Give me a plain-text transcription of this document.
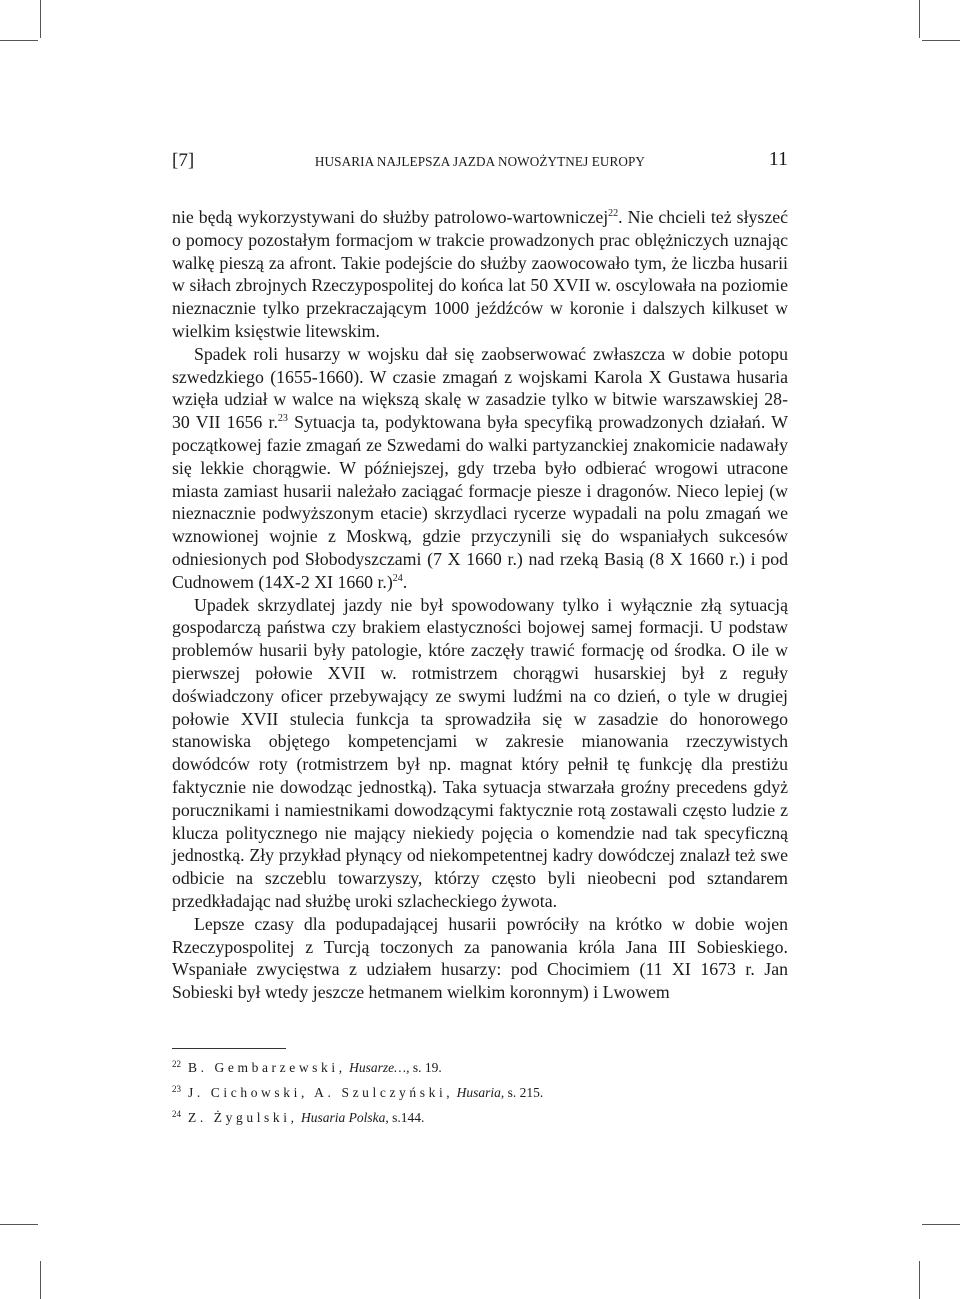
[7]	HUSARIA NAJLEPSZA JAZDA NOWOŻYTNEJ EUROPY	11

nie będą wykorzystywani do służby patrolowo-wartowniczej$^{22}$. Nie chcieli też słyszeć o pomocy pozostałym formacjom w trakcie prowadzonych prac oblężniczych uznając walkę pieszą za afront. Takie podejście do służby zaowocowało tym, że liczba husarii w siłach zbrojnych Rzeczypospolitej do końca lat 50 XVII w. oscylowała na poziomie nieznacznie tylko przekraczającym 1000 jeźdźców w koronie i dalszych kilkuset w wielkim księstwie litewskim.

Spadek roli husarzy w wojsku dał się zaobserwować zwłaszcza w dobie potopu szwedzkiego (1655-1660). W czasie zmagań z wojskami Karola X Gustawa husaria wzięła udział w walce na większą skalę w zasadzie tylko w bitwie warszawskiej 28-30 VII 1656 r.$^{23}$ Sytuacja ta, podyktowana była specyfiką prowadzonych działań. W początkowej fazie zmagań ze Szwedami do walki partyzanckiej znakomicie nadawały się lekkie chorągwie. W późniejszej, gdy trzeba było odbierać wrogowi utracone miasta zamiast husarii należało zaciągać formacje piesze i dragonów. Nieco lepiej (w nieznacznie podwyższonym etacie) skrzydlaci rycerze wypadali na polu zmagań we wznowionej wojnie z Moskwą, gdzie przyczynili się do wspaniałych sukcesów odniesionych pod Słobodyszczami (7 X 1660 r.) nad rzeką Basią (8 X 1660 r.) i pod Cudnowem (14X-2 XI 1660 r.)$^{24}$.

Upadek skrzydlatej jazdy nie był spowodowany tylko i wyłącznie złą sytuacją gospodarczą państwa czy brakiem elastyczności bojowej samej formacji. U podstaw problemów husarii były patologie, które zaczęły trawić formację od środka. O ile w pierwszej połowie XVII w. rotmistrzem chorągwi husarskiej był z reguły doświadczony oficer przebywający ze swymi ludźmi na co dzień, o tyle w drugiej połowie XVII stulecia funkcja ta sprowadziła się w zasadzie do honorowego stanowiska objętego kompetencjami w zakresie mianowania rzeczywistych dowódców roty (rotmistrzem był np. magnat który pełnił tę funkcję dla prestiżu faktycznie nie dowodząc jednostką). Taka sytuacja stwarzała groźny precedens gdyż porucznikami i namiestnikami dowodzącymi faktycznie rotą zostawali często ludzie z klucza politycznego nie mający niekiedy pojęcia o komendzie nad tak specyficzną jednostką. Zły przykład płynący od niekompetentnej kadry dowódczej znalazł też swe odbicie na szczeblu towarzyszy, którzy często byli nieobecni pod sztandarem przedkładając nad służbę uroki szlacheckiego żywota.

Lepsze czasy dla podupadającej husarii powróciły na krótko w dobie wojen Rzeczypospolitej z Turcją toczonych za panowania króla Jana III Sobieskiego. Wspaniałe zwycięstwa z udziałem husarzy: pod Chocimiem (11 XI 1673 r. Jan Sobieski był wtedy jeszcze hetmanem wielkim koronnym) i Lwowem

$^{22}$ B. Gembarzewski, Husarze…, s. 19.
$^{23}$ J. Cichowski, A. Szulczyński, Husaria, s. 215.
$^{24}$ Z. Żygulski, Husaria Polska, s.144.
